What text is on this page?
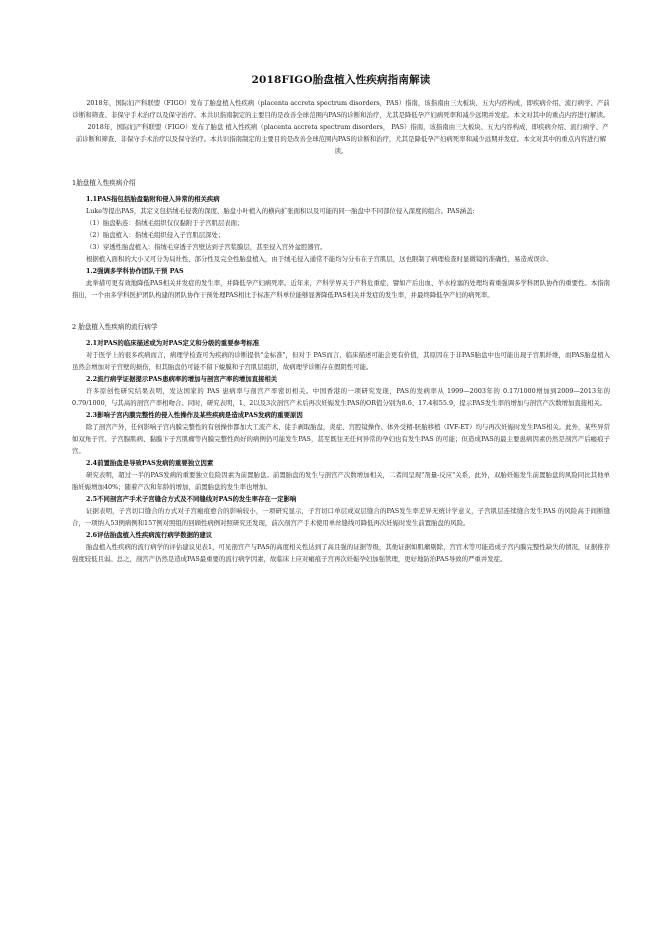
2018FIGO胎盘植入性疾病指南解读

2018年，国际妇产科联盟（FIGO）发布了胎盘植入性疾病（placenta accreta spectrum disorders，PAS）指南，该指南由三大板块、五大内容构成，即疾病介绍、流行病学、产前诊断和筛查、非保守手术治疗以及保守治疗。本共识指南制定的主要目的是改善全球范围内PAS的诊断和治疗，尤其是降低孕产妇病死率和减少远期并发症。本文对其中的重点内容进行解读。

2018年，国际妇产科联盟（FIGO）发布了胎盘 植入性疾病（placenta accreta spectrum disorders， PAS）指南，该指南由三大板块、五大内容构成，即疾病介绍、流行病学、产前诊断和筛查、非保守手术治疗以及保守治疗。本共识指南制定的主要目的是改善全球范围内PAS的诊断和治疗，尤其是降低孕产妇病死率和减少远期并发症。本文对其中的重点内容进行解读。

1胎盘植入性疾病介绍

1.1PAS指包括胎盘黏附和侵入异常的相关疾病

Luke等提出PAS，其定义包括绒毛侵袭的深度、胎盘小叶植入的横向扩张面积以及可能的同一胎盘中不同部位侵入深度的组合。PAS涵盖:

（1）胎盘粘连：指绒毛组织仅仅黏附于子宫肌层表面；

（2）胎盘植入：指绒毛组织侵入子宫肌层深处；

（3）穿透性胎盘植入：指绒毛穿透子宫壁达到子宫浆膜层，甚至侵入宫外盆腔器官。

根据植入面积的大小又可分为局灶性、部分性及完全性胎盘植入，由于绒毛侵入通常不能均匀分布在子宫肌层，这也限制了病理检查时显微镜的准确性，易造成误诊。

1.2强调多学科协作团队干预 PAS

此举措可更有效地降低PAS相关并发症的发生率，并降低孕产妇病死率。近年来，产科学界关于产科危重症、譬如产后出血、羊水栓塞的处理均着重强调多学科团队协作的重要性。本指南指出，一个由多学科医护团队构建的团队协作干预处理PAS相比于标准产科单位能够显著降低PAS相关并发症的发生率，并最终降低孕产妇的病死率。

2 胎盘植入性疾病的流行病学

2.1对PAS的临床描述或为对PAS定义和分级的重要参考标准

对于医学上的很多疾病而言，病理学检查可为疾病的诊断提供"金标准"，但对于 PAS而言，临床描述可能会更有价值，其原因在于非PAS胎盘中也可能出现子宫肌纤维，而PAS胎盘植入虽然会增加对子宫壁的损伤，但其胎盘仍可能不留下蜕膜和子宫肌层组织，故病理学诊断存在假阴性可能。

2.2流行病学证据提示PAS患病率的增加与剖宫产率的增加直接相关

许多原创性研究结果表明，发达国家的 PAS 患病率与剖宫产率密切相关。中国香港的一项研究发现，PAS的发病率从 1999—2003年的 0.17/1000增加到2009—2013年的0.79/1000，与其高的剖宫产率相吻合。同时，研究表明，1、2以及3次剖宫产术后再次妊娠发生PAS的OR值分别为8.6、17.4和55.9，提示PAS发生率的增加与剖宫产次数增加直接相关。

2.3影响子宫内膜完整性的侵入性操作及某些疾病是造成PAS发病的重要原因

除了剖宫产外，任何影响子宫内膜完整性的有创操作都加大工流产术、徒手剥取胎盘，炎症、宫腔镜操作、体外受精-胚胎移植（IVF-ET）均与再次妊娠时发生PAS相关。此外，某些异常如双角子宫、子宫腺肌病、黏膜下子宫肌瘤等内膜完整性尚好的病例仍可能发生PAS，甚至既往无任何异常的孕妇也有发生PAS 的可能；但造成PAS的最主要患病因素仍然是剖宫产后瘢痕子宫。

2.4前置胎盘是导致PAS发病的重要独立因素

研究表明，超过一半的PAS发病的重要独立危险因素为前置胎盘。前置胎盘的发生与剖宫产次数增加相关，二者间呈现"剂量-反应"关系，此外，双胎妊娠发生前置胎盘的风险同比其他单胎妊娠增加40%；随着产次和年龄的增加，前置胎盘的发生率也增加。

2.5不同剖宫产手术子宫缝合方式及不同缝线对PAS的发生率存在一定影响

证据表明，子宫切口缝合的方式对子宫瘢痕愈合的影响较小，一项研究显示，子宫切口单层或双层缝合的PAS发生率差异无统计学意义，子宫肌层连续缝合发生PAS 的风险高于间断缝合，一项纳入53例病例和157例对照组的回顾性病例对照研究还发现，前次剖宫产手术使用单丝缝线可降低再次妊娠时发生前置胎盘的风险。

2.6评估胎盘植入性疾病流行病学数据的建议

胎盘植入性疾病的流行病学的评估建议见表1，可见剖宫产与PAS的高度相关性达到了高且强的证据等级，其他证据如肌瘤剔除，宫官术等可能造成子宫内膜完整性缺失的情况，证据推荐强度较低且弱。总之，剖宫产仍然是造成PAS最重要的流行病学因素，故临床上应对瘢痕子宫再次妊娠孕妇加强管理，更好地防治PAS导致的严重并发症。
